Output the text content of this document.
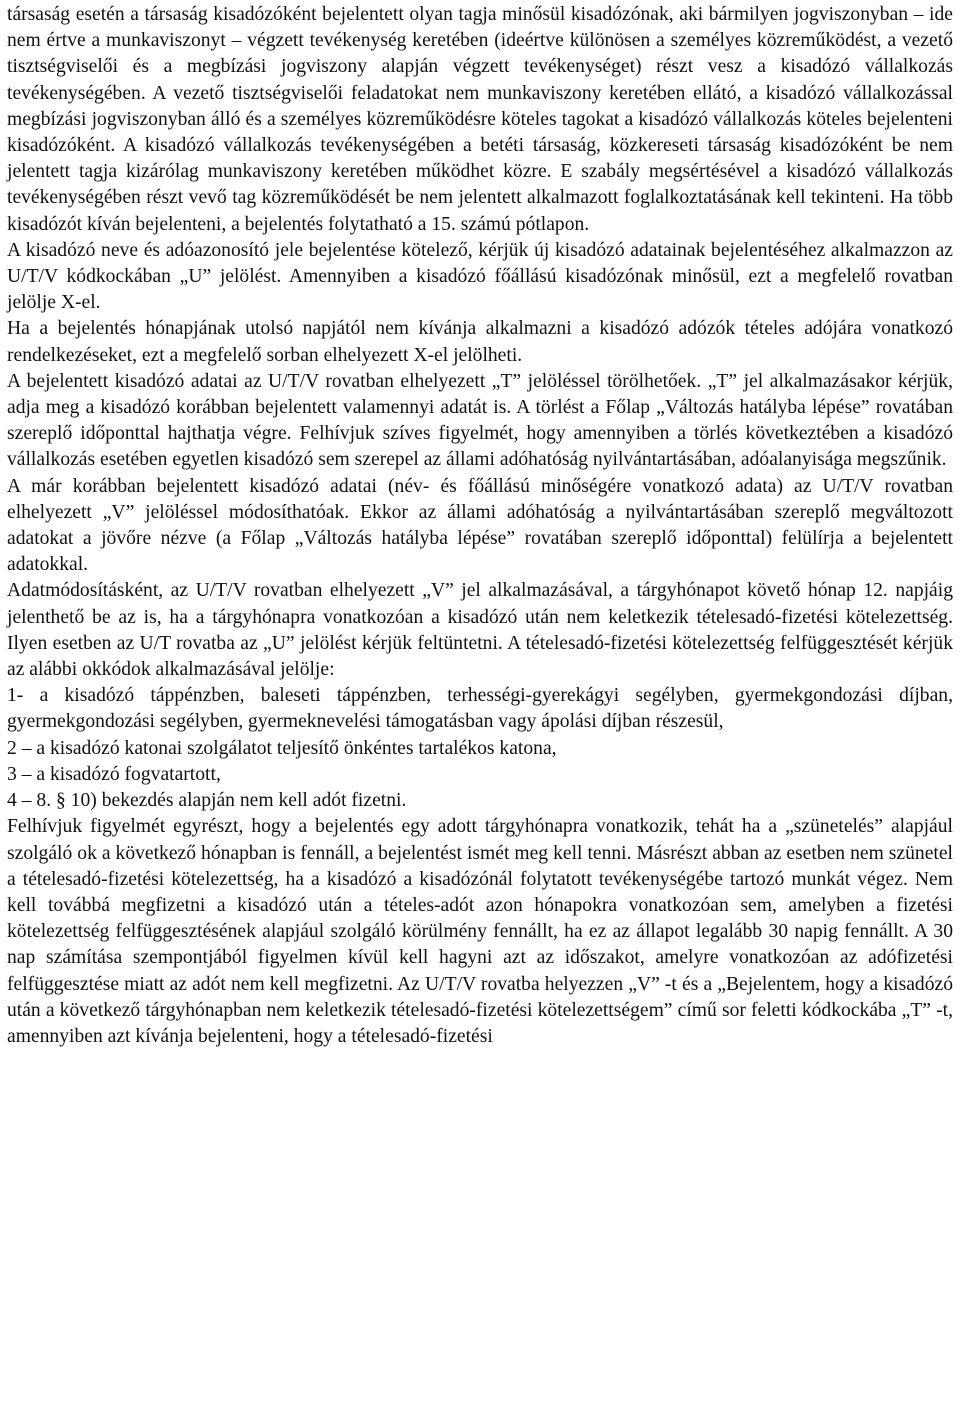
társaság esetén a társaság kisadózóként bejelentett olyan tagja minősül kisadózónak, aki bármilyen jogviszonyban – ide nem értve a munkaviszonyt – végzett tevékenység keretében (ideértve különösen a személyes közreműködést, a vezető tisztségviselői és a megbízási jogviszony alapján végzett tevékenységet) részt vesz a kisadózó vállalkozás tevékenységében. A vezető tisztségviselői feladatokat nem munkaviszony keretében ellátó, a kisadózó vállalkozással megbízási jogviszonyban álló és a személyes közreműködésre köteles tagokat a kisadózó vállalkozás köteles bejelenteni kisadózóként. A kisadózó vállalkozás tevékenységében a betéti társaság, közkereseti társaság kisadózóként be nem jelentett tagja kizárólag munkaviszony keretében működhet közre. E szabály megsértésével a kisadózó vállalkozás tevékenységében részt vevő tag közreműködését be nem jelentett alkalmazott foglalkoztatásának kell tekinteni. Ha több kisadózót kíván bejelenteni, a bejelentés folytatható a 15. számú pótlapon.

A kisadózó neve és adóazonosító jele bejelentése kötelező, kérjük új kisadózó adatainak bejelentéséhez alkalmazzon az U/T/V kódkockában „U” jelölést. Amennyiben a kisadózó főállású kisadózónak minősül, ezt a megfelelő rovatban jelölje X-el.

Ha a bejelentés hónapjának utolsó napjától nem kívánja alkalmazni a kisadózó adózók tételes adójára vonatkozó rendelkezéseket, ezt a megfelelő sorban elhelyezett X-el jelölheti.

A bejelentett kisadózó adatai az U/T/V rovatban elhelyezett „T” jelöléssel törölhetőek. „T” jel alkalmazásakor kérjük, adja meg a kisadózó korábban bejelentett valamennyi adatát is. A törlést a Főlap „Változás hatályba lépése” rovatában szereplő időponttal hajthatja végre. Felhívjuk szíves figyelmét, hogy amennyiben a törlés következtében a kisadózó vállalkozás esetében egyetlen kisadózó sem szerepel az állami adóhatóság nyilvántartásában, adóalanyisága megszűnik.

A már korábban bejelentett kisadózó adatai (név- és főállású minőségére vonatkozó adata) az U/T/V rovatban elhelyezett „V” jelöléssel módosíthatóak. Ekkor az állami adóhatóság a nyilvántartásában szereplő megváltozott adatokat a jövőre nézve (a Főlap „Változás hatályba lépése” rovatában szereplő időponttal) felülírja a bejelentett adatokkal.

Adatmódosításként, az U/T/V rovatban elhelyezett „V” jel alkalmazásával, a tárgyhónapot követő hónap 12. napjáig jelenthető be az is, ha a tárgyhónapra vonatkozóan a kisadózó után nem keletkezik tételesadó-fizetési kötelezettség. Ilyen esetben az U/T rovatba az „U” jelölést kérjük feltüntetni. A tételesadó-fizetési kötelezettség felfüggesztését kérjük az alábbi okkódok alkalmazásával jelölje:

1- a kisadózó táppénzben, baleseti táppénzben, terhességi-gyerekágyi segélyben, gyermekgondozási díjban, gyermekgondozási segélyben, gyermeknevelési támogatásban vagy ápolási díjban részesül,

2 – a kisadózó katonai szolgálatot teljesítő önkéntes tartalékos katona,

3 – a kisadózó fogvatartott,

4 – 8. § 10) bekezdés alapján nem kell adót fizetni.

Felhívjuk figyelmét egyrészt, hogy a bejelentés egy adott tárgyhónapra vonatkozik, tehát ha a „szünetelés” alapjául szolgáló ok a következő hónapban is fennáll, a bejelentést ismét meg kell tenni. Másrészt abban az esetben nem szünetel a tételesadó-fizetési kötelezettség, ha a kisadózó a kisadózónál folytatott tevékenységébe tartozó munkát végez. Nem kell továbbá megfizetni a kisadózó után a tételes-adót azon hónapokra vonatkozóan sem, amelyben a fizetési kötelezettség felfüggesztésének alapjául szolgáló körülmény fennállt, ha ez az állapot legalább 30 napig fennállt. A 30 nap számítása szempontjából figyelmen kívül kell hagyni azt az időszakot, amelyre vonatkozóan az adófizetési felfüggesztése miatt az adót nem kell megfizetni. Az U/T/V rovatba helyezzen „V” -t és a „Bejelentem, hogy a kisadózó után a következő tárgyhónapban nem keletkezik tételesadó-fizetési kötelezettségem” című sor feletti kódkockába „T” -t, amennyiben azt kívánja bejelenteni, hogy a tételesadó-fizetési
